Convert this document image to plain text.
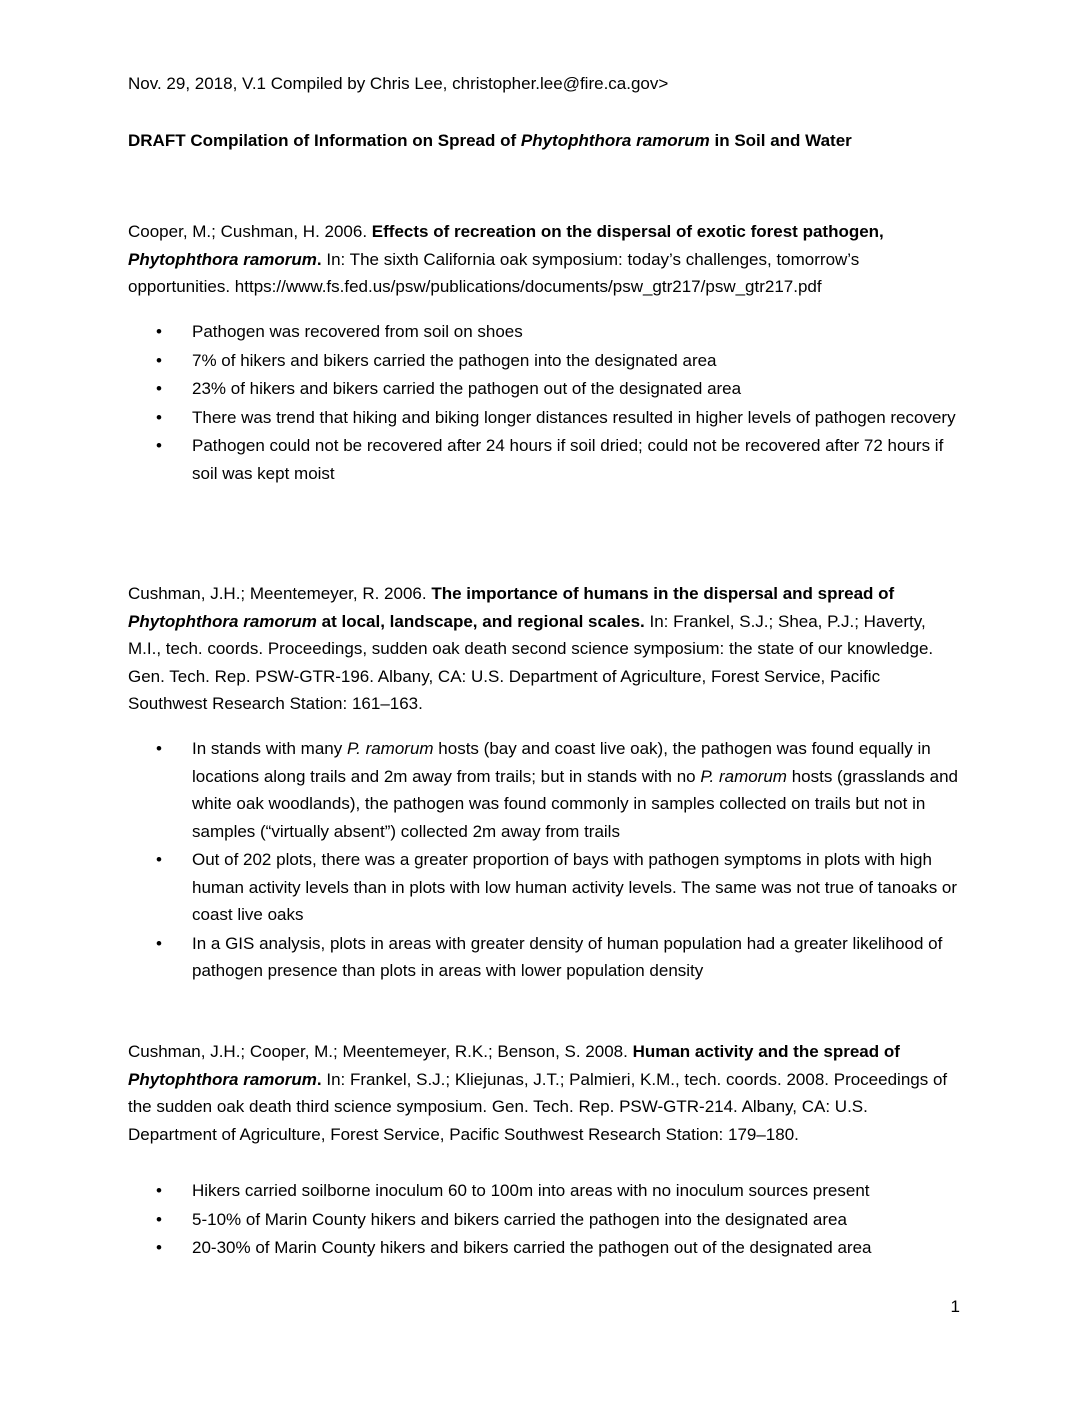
Nov. 29, 2018, V.1 Compiled by Chris Lee, christopher.lee@fire.ca.gov>

DRAFT Compilation of Information on Spread of Phytophthora ramorum in Soil and Water

Cooper, M.; Cushman, H. 2006. Effects of recreation on the dispersal of exotic forest pathogen, Phytophthora ramorum. In: The sixth California oak symposium: today’s challenges, tomorrow’s opportunities. https://www.fs.fed.us/psw/publications/documents/psw_gtr217/psw_gtr217.pdf

• Pathogen was recovered from soil on shoes
• 7% of hikers and bikers carried the pathogen into the designated area
• 23% of hikers and bikers carried the pathogen out of the designated area
• There was trend that hiking and biking longer distances resulted in higher levels of pathogen recovery
• Pathogen could not be recovered after 24 hours if soil dried; could not be recovered after 72 hours if soil was kept moist

Cushman, J.H.; Meentemeyer, R. 2006. The importance of humans in the dispersal and spread of Phytophthora ramorum at local, landscape, and regional scales. In: Frankel, S.J.; Shea, P.J.; Haverty, M.I., tech. coords. Proceedings, sudden oak death second science symposium: the state of our knowledge. Gen. Tech. Rep. PSW-GTR-196. Albany, CA: U.S. Department of Agriculture, Forest Service, Pacific Southwest Research Station: 161–163.

• In stands with many P. ramorum hosts (bay and coast live oak), the pathogen was found equally in locations along trails and 2m away from trails; but in stands with no P. ramorum hosts (grasslands and white oak woodlands), the pathogen was found commonly in samples collected on trails but not in samples (“virtually absent”) collected 2m away from trails
• Out of 202 plots, there was a greater proportion of bays with pathogen symptoms in plots with high human activity levels than in plots with low human activity levels. The same was not true of tanoaks or coast live oaks
• In a GIS analysis, plots in areas with greater density of human population had a greater likelihood of pathogen presence than plots in areas with lower population density

Cushman, J.H.; Cooper, M.; Meentemeyer, R.K.; Benson, S. 2008. Human activity and the spread of Phytophthora ramorum. In: Frankel, S.J.; Kliejunas, J.T.; Palmieri, K.M., tech. coords. 2008. Proceedings of the sudden oak death third science symposium. Gen. Tech. Rep. PSW-GTR-214. Albany, CA: U.S. Department of Agriculture, Forest Service, Pacific Southwest Research Station: 179–180.

• Hikers carried soilborne inoculum 60 to 100m into areas with no inoculum sources present
• 5-10% of Marin County hikers and bikers carried the pathogen into the designated area
• 20-30% of Marin County hikers and bikers carried the pathogen out of the designated area
1
